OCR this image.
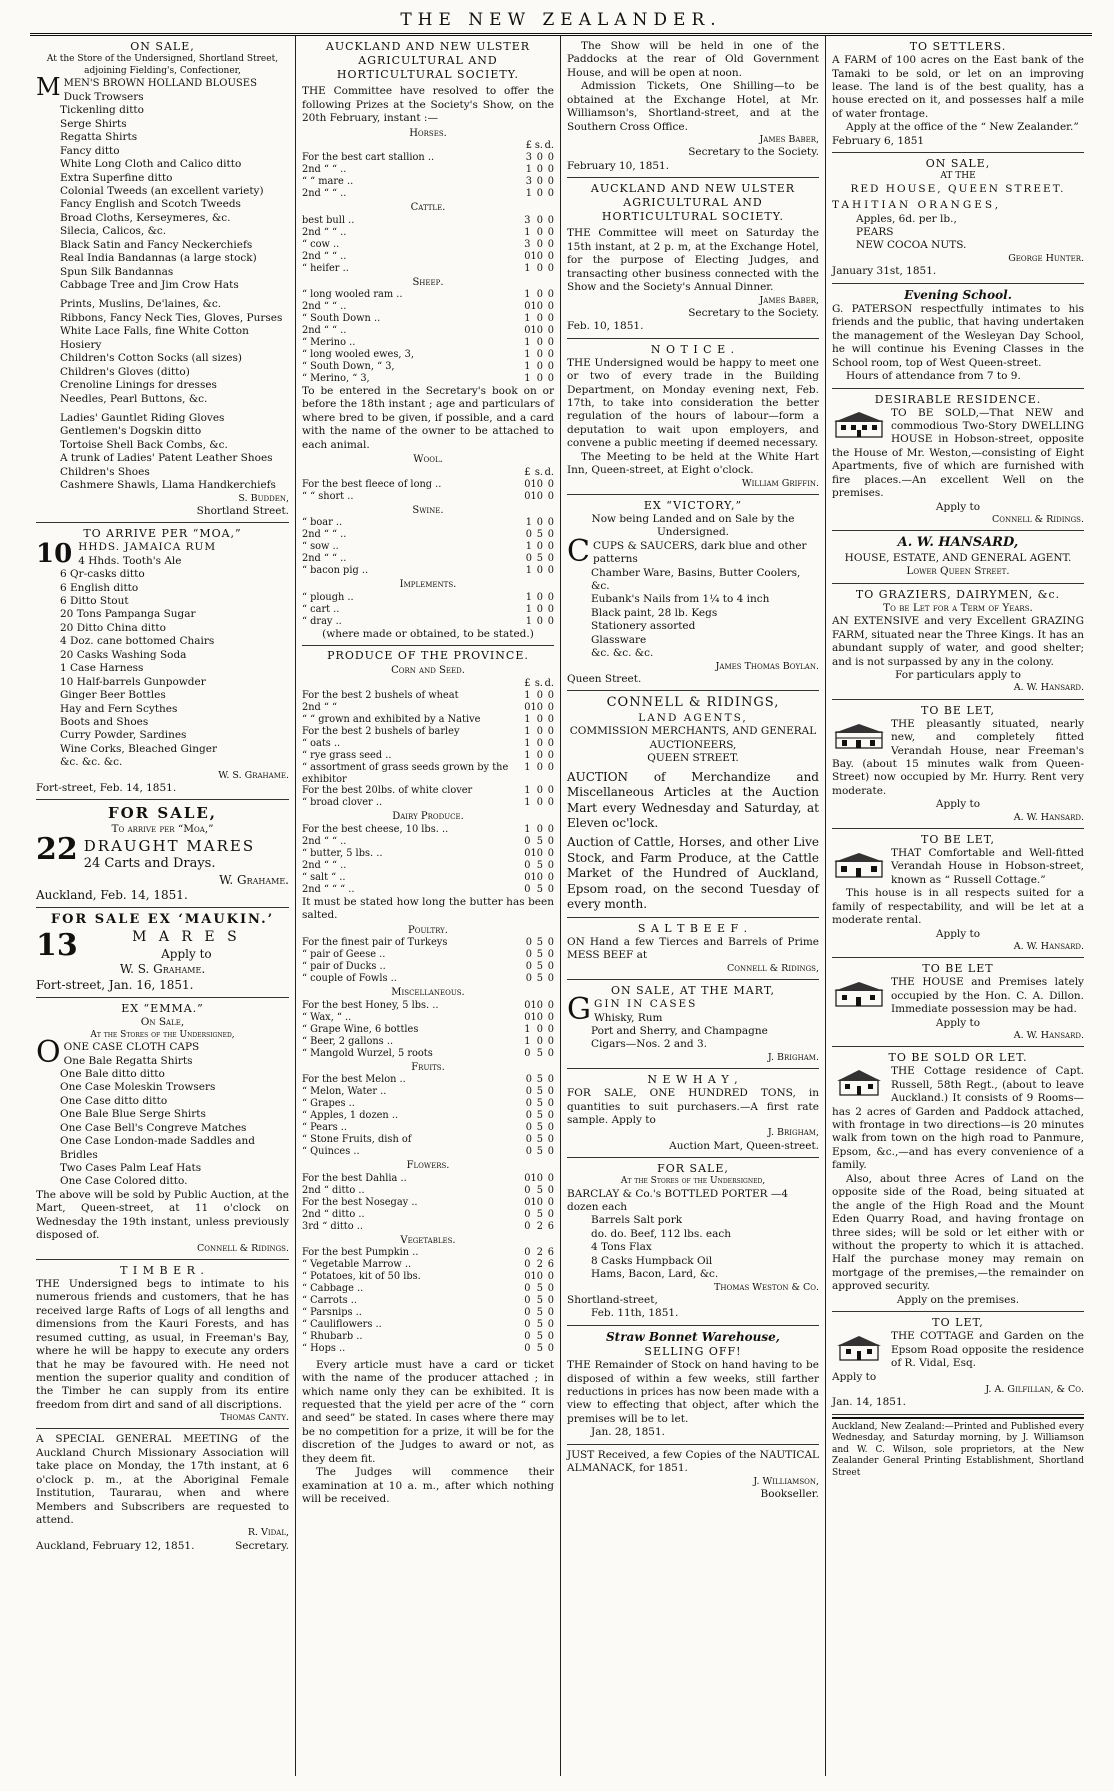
THE NEW ZEALANDER.
ON SALE,
At the Store of the Undersigned, Shortland Street, adjoining Fielding's, Confectioner,
MMEN'S BROWN HOLLAND BLOUSES
Duck Trowsers
Tickenling ditto
Serge Shirts
Regatta Shirts
Fancy ditto
White Long Cloth and Calico ditto
Extra Superfine ditto
Colonial Tweeds (an excellent variety)
Fancy English and Scotch Tweeds
Broad Cloths, Kerseymeres, &c.
Silecia, Calicos, &c.
Black Satin and Fancy Neckerchiefs
Real India Bandannas (a large stock)
Spun Silk Bandannas
Cabbage Tree and Jim Crow Hats
Prints, Muslins, De'laines, &c.
Ribbons, Fancy Neck Ties, Gloves, Purses
White Lace Falls, fine White Cotton Hosiery
Children's Cotton Socks (all sizes)
Children's Gloves (ditto)
Crenoline Linings for dresses
Needles, Pearl Buttons, &c.
Ladies' Gauntlet Riding Gloves
Gentlemen's Dogskin ditto
Tortoise Shell Back Combs, &c.
A trunk of Ladies' Patent Leather Shoes
Children's Shoes
Cashmere Shawls, Llama Handkerchiefs
S. Budden,
Shortland Street.
TO ARRIVE PER “MOA,”
10 HHDS. JAMAICA RUM
4 Hhds. Tooth's Ale
6 Qr-casks ditto
6 English ditto
6 Ditto Stout
20 Tons Pampanga Sugar
20 Ditto China ditto
4 Doz. cane bottomed Chairs
20 Casks Washing Soda
1 Case Harness
10 Half-barrels Gunpowder
Ginger Beer Bottles
Hay and Fern Scythes
Boots and Shoes
Curry Powder, Sardines
Wine Corks, Bleached Ginger
&c. &c. &c.
W. S. Grahame.
Fort-street, Feb. 14, 1851.
FOR SALE,
To arrive per “Moa,”
22 DRAUGHT MARES
24 Carts and Drays.
W. Grahame.
Auckland, Feb. 14, 1851.
FOR SALE EX ‘MAUKIN.’
13	M A R E S
Apply to
W. S. Grahame.
Fort-street, Jan. 16, 1851.
EX “EMMA.”
On Sale,
At the Stores of the Undersigned,
OONE CASE CLOTH CAPS
One Bale Regatta Shirts
One Bale ditto ditto
One Case Moleskin Trowsers
One Case ditto ditto
One Bale Blue Serge Shirts
One Case Bell's Congreve Matches
One Case London-made Saddles and Bridles
Two Cases Palm Leaf Hats
One Case Colored ditto.
The above will be sold by Public Auction, at the Mart, Queen-street, at 11 o'clock on Wednesday the 19th instant, unless previously disposed of.
Connell & Ridings.
T I M B E R .
THE Undersigned begs to intimate to his numerous friends and customers, that he has received large Rafts of Logs of all lengths and dimensions from the Kauri Forests, and has resumed cutting, as usual, in Freeman's Bay, where he will be happy to execute any orders that he may be favoured with. He need not mention the superior quality and condition of the Timber he can supply from its entire freedom from dirt and sand of all discriptions.
Thomas Canty.
A SPECIAL GENERAL MEETING of the Auckland Church Missionary Association will take place on Monday, the 17th instant, at 6 o'clock p. m., at the Aboriginal Female Institution, Taurarau, when and where Members and Subscribers are requested to attend.
R. Vidal,
Auckland, February 12, 1851.	Secretary.
AUCKLAND AND NEW ULSTER AGRICULTURAL AND HORTICULTURAL SOCIETY.
THE Committee have resolved to offer the following Prizes at the Society's Show, on the 20th February, instant :—
Horses.
	£	s.	d.
For the best cart stallion ..	3	0	0
2nd “ “ ..	1	0	0
“ “ mare ..	3	0	0
2nd “ “ ..	1	0	0
Cattle.
best bull ..	3	0	0
2nd “ “ ..	1	0	0
“ cow ..	3	0	0
2nd “ “ ..	0	10	0
“ heifer ..	1	0	0
Sheep.
“ long wooled ram ..	1	0	0
2nd “ “ ..	0	10	0
“ South Down ..	1	0	0
2nd “ “ ..	0	10	0
“ Merino ..	1	0	0
“ long wooled ewes, 3,	1	0	0
“ South Down, “ 3,	1	0	0
“ Merino, “ 3,	1	0	0
To be entered in the Secretary's book on or before the 18th instant ; age and particulars of where bred to be given, if possible, and a card with the name of the owner to be attached to each animal.
Wool.
	£	s.	d.
For the best fleece of long ..	0	10	0
“ “ short ..	0	10	0
Swine.
“ boar ..	1	0	0
2nd “ “ ..	0	5	0
“ sow ..	1	0	0
2nd “ “ ..	0	5	0
“ bacon pig ..	1	0	0
Implements.
“ plough ..	1	0	0
“ cart ..	1	0	0
“ dray ..	1	0	0
(where made or obtained, to be stated.)
PRODUCE OF THE PROVINCE.
Corn and Seed.
	£	s.	d.
For the best 2 bushels of wheat	1	0	0
2nd “ “	0	10	0
“ “ grown and exhibited by a Native	1	0	0
For the best 2 bushels of barley	1	0	0
“ oats ..	1	0	0
“ rye grass seed ..	1	0	0
“ assortment of grass seeds grown by the exhibitor	1	0	0
For the best 20lbs. of white clover	1	0	0
“ broad clover ..	1	0	0
Dairy Produce.
For the best cheese, 10 lbs. ..	1	0	0
2nd “ “ ..	0	5	0
“ butter, 5 lbs. ..	0	10	0
2nd “ “ ..	0	5	0
“ salt “ ..	0	10	0
2nd “ “ “ ..	0	5	0
It must be stated how long the butter has been salted.
Poultry.
For the finest pair of Turkeys	0	5	0
“ pair of Geese ..	0	5	0
“ pair of Ducks ..	0	5	0
“ couple of Fowls ..	0	5	0
Miscellaneous.
For the best Honey, 5 lbs. ..	0	10	0
“ Wax, “ ..	0	10	0
“ Grape Wine, 6 bottles	1	0	0
“ Beer, 2 gallons ..	1	0	0
“ Mangold Wurzel, 5 roots	0	5	0
Fruits.
For the best Melon ..	0	5	0
“ Melon, Water ..	0	5	0
“ Grapes ..	0	5	0
“ Apples, 1 dozen ..	0	5	0
“ Pears ..	0	5	0
“ Stone Fruits, dish of	0	5	0
“ Quinces ..	0	5	0
Flowers.
For the best Dahlia ..	0	10	0
2nd “ ditto ..	0	5	0
For the best Nosegay ..	0	10	0
2nd “ ditto ..	0	5	0
3rd “ ditto ..	0	2	6
Vegetables.
For the best Pumpkin ..	0	2	6
“ Vegetable Marrow ..	0	2	6
“ Potatoes, kit of 50 lbs.	0	10	0
“ Cabbage ..	0	5	0
“ Carrots ..	0	5	0
“ Parsnips ..	0	5	0
“ Cauliflowers ..	0	5	0
“ Rhubarb ..	0	5	0
“ Hops ..	0	5	0
Every article must have a card or ticket with the name of the producer attached ; in which name only they can be exhibited. It is requested that the yield per acre of the “ corn and seed” be stated. In cases where there may be no competition for a prize, it will be for the discretion of the Judges to award or not, as they deem fit.
The Judges will commence their examination at 10 a. m., after which nothing will be received.
The Show will be held in one of the Paddocks at the rear of Old Government House, and will be open at noon.
Admission Tickets, One Shilling—to be obtained at the Exchange Hotel, at Mr. Williamson's, Shortland-street, and at the Southern Cross Office.
James Baber,
Secretary to the Society.
February 10, 1851.
AUCKLAND AND NEW ULSTER AGRICULTURAL AND HORTICULTURAL SOCIETY.
THE Committee will meet on Saturday the 15th instant, at 2 p. m, at the Exchange Hotel, for the purpose of Electing Judges, and transacting other business connected with the Show and the Society's Annual Dinner.
James Baber,
Secretary to the Society.
Feb. 10, 1851.
N O T I C E .
THE Undersigned would be happy to meet one or two of every trade in the Building Department, on Monday evening next, Feb. 17th, to take into consideration the better regulation of the hours of labour—form a deputation to wait upon employers, and convene a public meeting if deemed necessary.
The Meeting to be held at the White Hart Inn, Queen-street, at Eight o'clock.
William Griffin.
EX “VICTORY,”
Now being Landed and on Sale by the Undersigned.
CCUPS & SAUCERS, dark blue and other patterns
Chamber Ware, Basins, Butter Coolers, &c.
Eubank's Nails from 1¼ to 4 inch
Black paint, 28 lb. Kegs
Stationery assorted
Glassware
&c. &c. &c.
James Thomas Boylan.
Queen Street.
CONNELL & RIDINGS,
LAND AGENTS,
COMMISSION MERCHANTS, AND GENERAL AUCTIONEERS,
QUEEN STREET.
AUCTION of Merchandize and Miscellaneous Articles at the Auction Mart every Wednesday and Saturday, at Eleven oc'lock.
Auction of Cattle, Horses, and other Live Stock, and Farm Produce, at the Cattle Market of the Hundred of Auckland, Epsom road, on the second Tuesday of every month.
S A L T B E E F .
ON Hand a few Tierces and Barrels of Prime MESS BEEF at
Connell & Ridings,
ON SALE, AT THE MART,
GGIN IN CASES
Whisky, Rum
Port and Sherry, and Champagne
Cigars—Nos. 2 and 3.
J. Brigham.
N E W H A Y ,
FOR SALE, ONE HUNDRED TONS, in quantities to suit purchasers.—A first rate sample. Apply to
J. Brigham,
Auction Mart, Queen-street.
FOR SALE,
At the Stores of the Undersigned,
BARCLAY & Co.'s BOTTLED PORTER —4 dozen each
Barrels Salt pork
do. do. Beef, 112 lbs. each
4 Tons Flax
8 Casks Humpback Oil
Hams, Bacon, Lard, &c.
Thomas Weston & Co.
Shortland-street,
Feb. 11th, 1851.
Straw Bonnet Warehouse,
SELLING OFF!
THE Remainder of Stock on hand having to be disposed of within a few weeks, still farther reductions in prices has now been made with a view to effecting that object, after which the premises will be to let.
Jan. 28, 1851.
JUST Received, a few Copies of the NAUTICAL ALMANACK, for 1851.
J. Williamson,
Bookseller.
TO SETTLERS.
A FARM of 100 acres on the East bank of the Tamaki to be sold, or let on an improving lease. The land is of the best quality, has a house erected on it, and possesses half a mile of water frontage.
Apply at the office of the “ New Zealander.”
February 6, 1851
ON SALE,
AT THE
RED HOUSE, QUEEN STREET.
TAHITIAN ORANGES,
Apples, 6d. per lb.,
PEARS
NEW COCOA NUTS.
George Hunter.
January 31st, 1851.
Evening School.
G. PATERSON respectfully intimates to his friends and the public, that having undertaken the management of the Wesleyan Day School, he will continue his Evening Classes in the School room, top of West Queen-street.
Hours of attendance from 7 to 9.
DESIRABLE RESIDENCE.
TO BE SOLD,—That NEW and commodious Two-Story DWELLING HOUSE in Hobson-street, opposite the House of Mr. Weston,—consisting of Eight Apartments, five of which are furnished with fire places.—An excellent Well on the premises.
Apply to
Connell & Ridings.
A. W. HANSARD,
HOUSE, ESTATE, AND GENERAL AGENT.
Lower Queen Street.
TO GRAZIERS, DAIRYMEN, &c.
To be Let for a Term of Years.
AN EXTENSIVE and very Excellent GRAZING FARM, situated near the Three Kings. It has an abundant supply of water, and good shelter; and is not surpassed by any in the colony.
For particulars apply to
A. W. Hansard.
TO BE LET,
THE pleasantly situated, nearly new, and completely fitted Verandah House, near Freeman's Bay. (about 15 minutes walk from Queen-Street) now occupied by Mr. Hurry. Rent very moderate.
Apply to
A. W. Hansard.
TO BE LET,
THAT Comfortable and Well-fitted Verandah House in Hobson-street, known as “ Russell Cottage.”
This house is in all respects suited for a family of respectability, and will be let at a moderate rental.
Apply to
A. W. Hansard.
TO BE LET
THE HOUSE and Premises lately occupied by the Hon. C. A. Dillon. Immediate possession may be had.
Apply to
A. W. Hansard.
TO BE SOLD OR LET.
THE Cottage residence of Capt. Russell, 58th Regt., (about to leave Auckland.) It consists of 9 Rooms—has 2 acres of Garden and Paddock attached, with frontage in two directions—is 20 minutes walk from town on the high road to Panmure, Epsom, &c.,—and has every convenience of a family.
Also, about three Acres of Land on the opposite side of the Road, being situated at the angle of the High Road and the Mount Eden Quarry Road, and having frontage on three sides; will be sold or let either with or without the property to which it is attached. Half the purchase money may remain on mortgage of the premises,—the remainder on approved security.
Apply on the premises.
TO LET,
THE COTTAGE and Garden on the Epsom Road opposite the residence of R. Vidal, Esq.
Apply to
J. A. Gilfillan, & Co.
Jan. 14, 1851.
Auckland, New Zealand:—Printed and Published every Wednesday, and Saturday morning, by J. Williamson and W. C. Wilson, sole proprietors, at the New Zealander General Printing Establishment, Shortland Street
